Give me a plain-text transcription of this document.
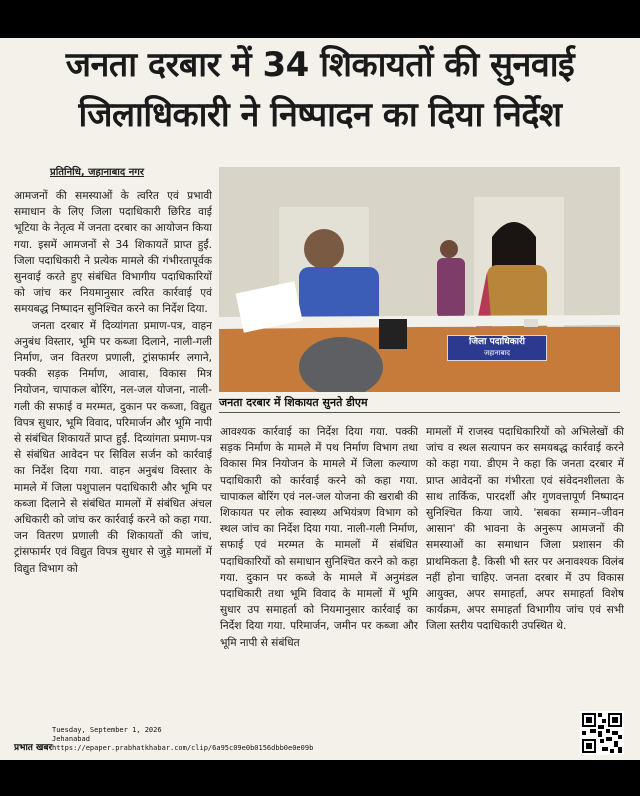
जनता दरबार में 34 शिकायतों की सुनवाई
जिलाधिकारी ने निष्पादन का दिया निर्देश
प्रतिनिधि, जहानाबाद नगर

आमजनों की समस्याओं के त्वरित एवं प्रभावी समाधान के लिए जिला पदाधिकारी छिरिड वाई भूटिया के नेतृत्व में जनता दरबार का आयोजन किया गया. इसमें आमजनों से 34 शिकायतें प्राप्त हुईं. जिला पदाधिकारी ने प्रत्येक मामले की गंभीरतापूर्वक सुनवाई करते हुए संबंधित विभागीय पदाधिकारियों को जांच कर नियमानुसार त्वरित कार्रवाई एवं समयबद्ध निष्पादन सुनिश्चित करने का निर्देश दिया.

जनता दरबार में दिव्यांगता प्रमाण-पत्र, वाहन अनुबंध विस्तार, भूमि पर कब्जा दिलाने, नाली-गली निर्माण, जन वितरण प्रणाली, ट्रांसफार्मर लगाने, पक्की सड़क निर्माण, आवास, विकास मित्र नियोजन, चापाकल बोरिंग, नल-जल योजना, नाली-गली की सफाई व मरम्मत, दुकान पर कब्जा, विद्युत विपत्र सुधार, भूमि विवाद, परिमार्जन और भूमि नापी से संबंधित शिकायतें प्राप्त हुईं. दिव्यांगता प्रमाण-पत्र से संबंधित आवेदन पर सिविल सर्जन को कार्रवाई का निर्देश दिया गया. वाहन अनुबंध विस्तार के मामले में जिला पशुपालन पदाधिकारी और भूमि पर कब्जा दिलाने से संबंधित मामलों में संबंधित अंचल अधिकारी को जांच कर कार्रवाई करने को कहा गया. जन वितरण प्रणाली की शिकायतों की जांच, ट्रांसफार्मर एवं विद्युत विपत्र सुधार से जुड़े मामलों में विद्युत विभाग को

जिला पदाधिकारी
जहानाबाद
जनता दरबार में शिकायत सुनते डीएम

आवश्यक कार्रवाई का निर्देश दिया गया. पक्की सड़क निर्माण के मामले में पथ निर्माण विभाग तथा विकास मित्र नियोजन के मामले में जिला कल्याण पदाधिकारी को कार्रवाई करने को कहा गया. चापाकल बोरिंग एवं नल-जल योजना की खराबी की शिकायत पर लोक स्वास्थ्य अभियंत्रण विभाग को स्थल जांच का निर्देश दिया गया. नाली-गली निर्माण, सफाई एवं मरम्मत के मामलों में संबंधित पदाधिकारियों को समाधान सुनिश्चित करने को कहा गया. दुकान पर कब्जे के मामले में अनुमंडल पदाधिकारी तथा भूमि विवाद के मामलों में भूमि सुधार उप समाहर्ता को नियमानुसार कार्रवाई का निर्देश दिया गया. परिमार्जन, जमीन पर कब्जा और भूमि नापी से संबंधित

मामलों में राजस्व पदाधिकारियों को अभिलेखों की जांच व स्थल सत्यापन कर समयबद्ध कार्रवाई करने को कहा गया. डीएम ने कहा कि जनता दरबार में प्राप्त आवेदनों का गंभीरता एवं संवेदनशीलता के साथ तार्किक, पारदर्शी और गुणवत्तापूर्ण निष्पादन सुनिश्चित किया जाये. 'सबका सम्मान–जीवन आसान' की भावना के अनुरूप आमजनों की समस्याओं का समाधान जिला प्रशासन की प्राथमिकता है. किसी भी स्तर पर अनावश्यक विलंब नहीं होना चाहिए. जनता दरबार में उप विकास आयुक्त, अपर समाहर्ता, अपर समाहर्ता विशेष कार्यक्रम, अपर समाहर्ता विभागीय जांच एवं सभी जिला स्तरीय पदाधिकारी उपस्थित थे.

प्रभात खबर
Tuesday, September 1, 2026
Jehanabad
https://epaper.prabhatkhabar.com/clip/6a95c09e0b0156dbb0e0e09b
